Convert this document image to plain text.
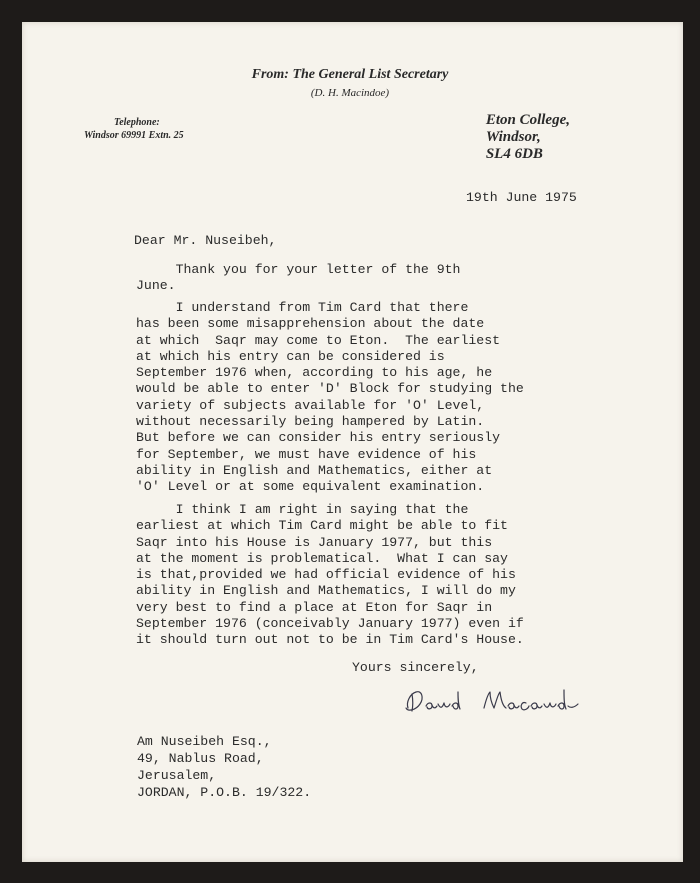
From: The General List Secretary
(D. H. Macindoe)
Telephone:
Windsor 69991 Extn. 25
Eton College,
Windsor,
SL4 6DB
19th June 1975
Dear Mr. Nuseibeh,
Thank you for your letter of the 9th
June.
I understand from Tim Card that there
has been some misapprehension about the date
at which  Saqr may come to Eton.  The earliest
at which his entry can be considered is
September 1976 when, according to his age, he
would be able to enter 'D' Block for studying the
variety of subjects available for 'O' Level,
without necessarily being hampered by Latin.
But before we can consider his entry seriously
for September, we must have evidence of his
ability in English and Mathematics, either at
'O' Level or at some equivalent examination.
I think I am right in saying that the
earliest at which Tim Card might be able to fit
Saqr into his House is January 1977, but this
at the moment is problematical.  What I can say
is that,provided we had official evidence of his
ability in English and Mathematics, I will do my
very best to find a place at Eton for Saqr in
September 1976 (conceivably January 1977) even if
it should turn out not to be in Tim Card's House.
Yours sincerely,
Am Nuseibeh Esq.,
49, Nablus Road,
Jerusalem,
JORDAN, P.O.B. 19/322.
